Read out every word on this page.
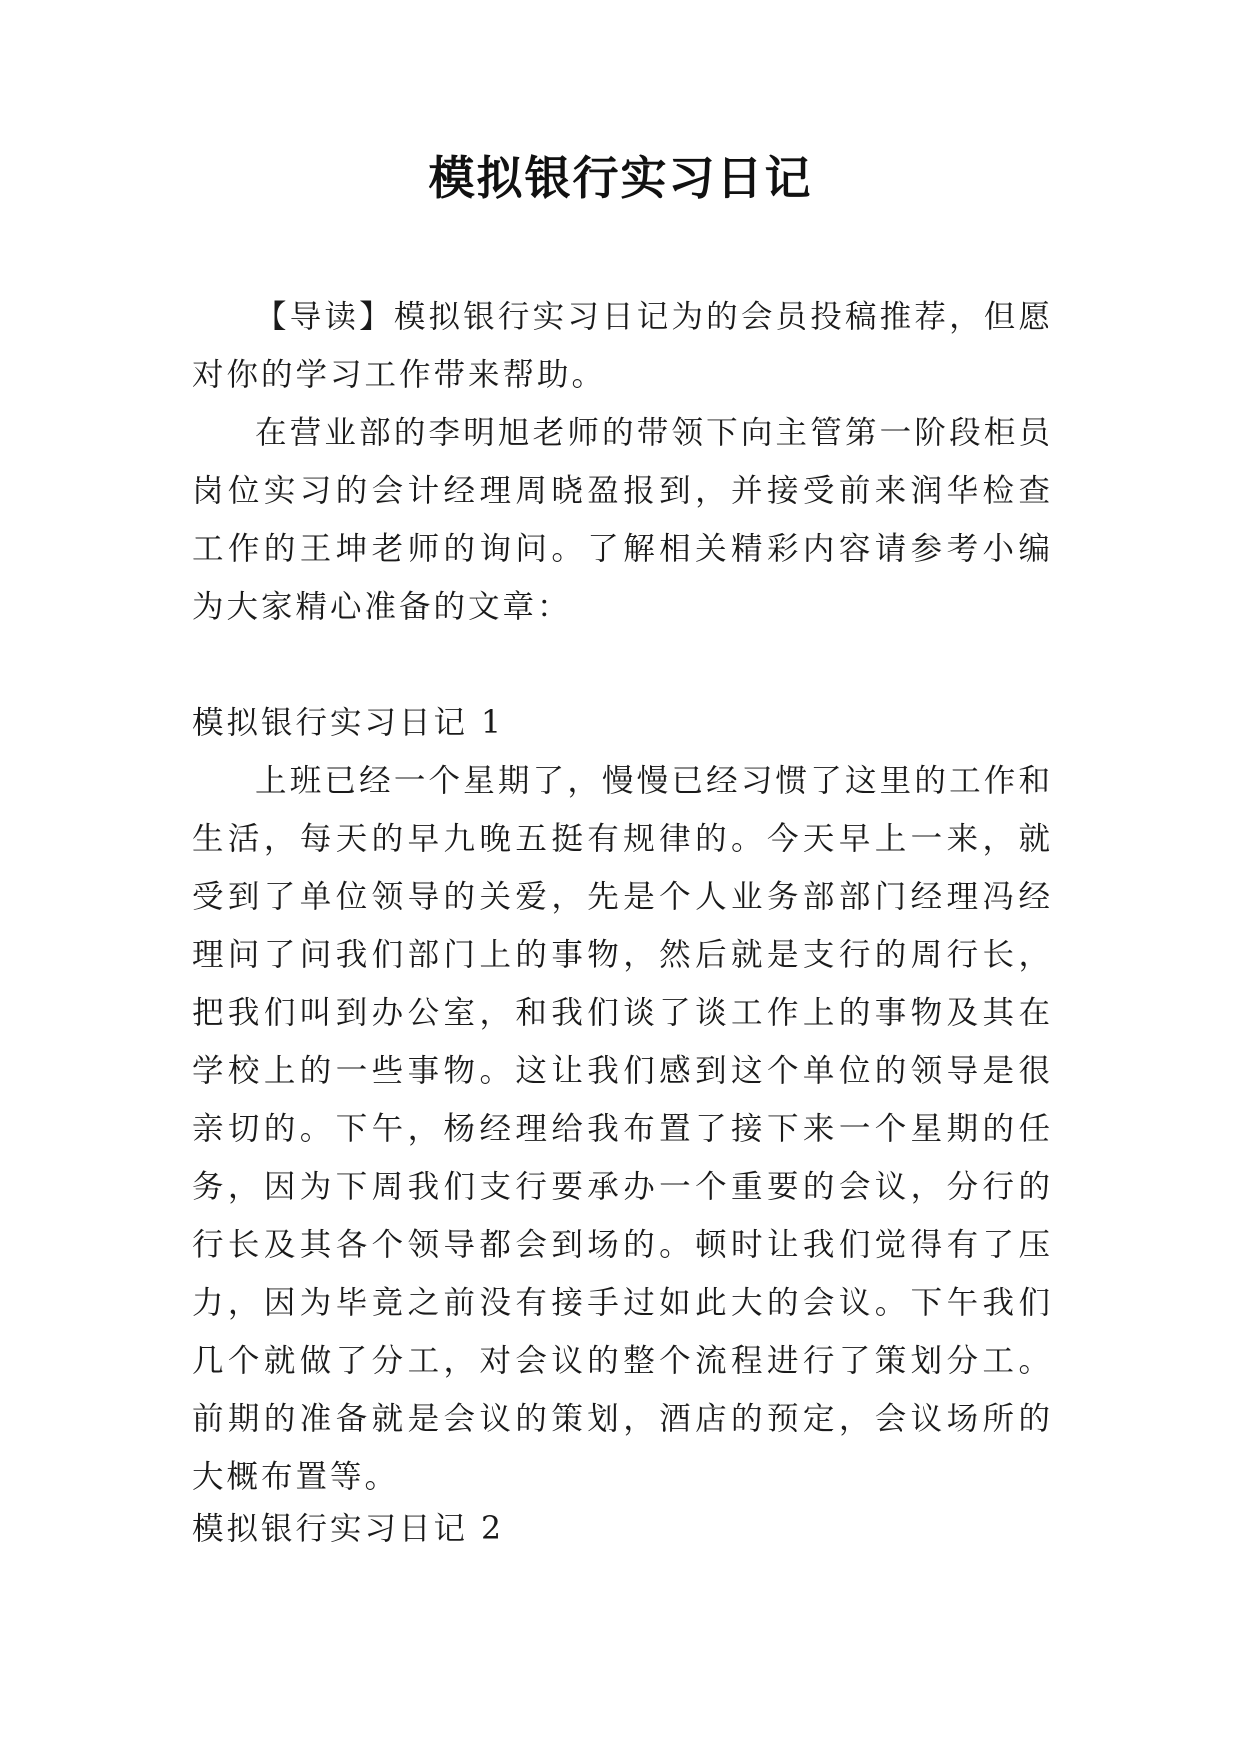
模拟银行实习日记

【导读】模拟银行实习日记为的会员投稿推荐，但愿对你的学习工作带来帮助。

在营业部的李明旭老师的带领下向主管第一阶段柜员岗位实习的会计经理周晓盈报到，并接受前来润华检查工作的王坤老师的询问。了解相关精彩内容请参考小编为大家精心准备的文章：

模拟银行实习日记 1

上班已经一个星期了，慢慢已经习惯了这里的工作和生活，每天的早九晚五挺有规律的。今天早上一来，就受到了单位领导的关爱，先是个人业务部部门经理冯经理问了问我们部门上的事物，然后就是支行的周行长，把我们叫到办公室，和我们谈了谈工作上的事物及其在学校上的一些事物。这让我们感到这个单位的领导是很亲切的。下午，杨经理给我布置了接下来一个星期的任务，因为下周我们支行要承办一个重要的会议，分行的行长及其各个领导都会到场的。顿时让我们觉得有了压力，因为毕竟之前没有接手过如此大的会议。下午我们几个就做了分工，对会议的整个流程进行了策划分工。前期的准备就是会议的策划，酒店的预定，会议场所的大概布置等。

模拟银行实习日记 2
